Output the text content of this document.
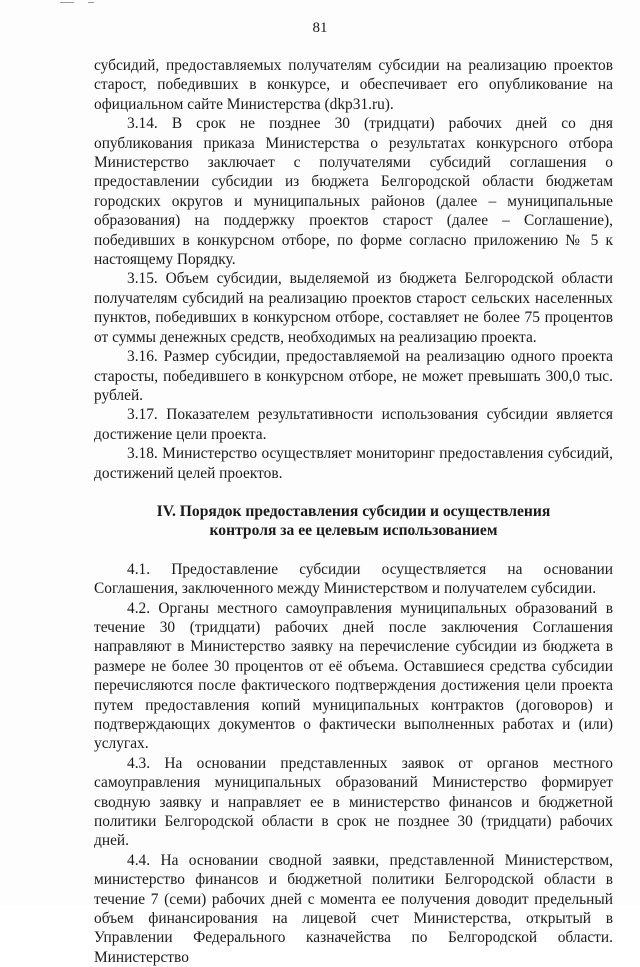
81

субсидий, предоставляемых получателям субсидии на реализацию проектов старост, победивших в конкурсе, и обеспечивает его опубликование на официальном сайте Министерства (dkp31.ru).

3.14. В срок не позднее 30 (тридцати) рабочих дней со дня опубликования приказа Министерства о результатах конкурсного отбора Министерство заключает с получателями субсидий соглашения о предоставлении субсидии из бюджета Белгородской области бюджетам городских округов и муниципальных районов (далее – муниципальные образования) на поддержку проектов старост (далее – Соглашение), победивших в конкурсном отборе, по форме согласно приложению № 5 к настоящему Порядку.

3.15. Объем субсидии, выделяемой из бюджета Белгородской области получателям субсидий на реализацию проектов старост сельских населенных пунктов, победивших в конкурсном отборе, составляет не более 75 процентов от суммы денежных средств, необходимых на реализацию проекта.

3.16. Размер субсидии, предоставляемой на реализацию одного проекта старосты, победившего в конкурсном отборе, не может превышать 300,0 тыс. рублей.

3.17. Показателем результативности использования субсидии является достижение цели проекта.

3.18. Министерство осуществляет мониторинг предоставления субсидий, достижений целей проектов.

IV. Порядок предоставления субсидии и осуществления
контроля за ее целевым использованием

4.1. Предоставление субсидии осуществляется на основании Соглашения, заключенного между Министерством и получателем субсидии.

4.2. Органы местного самоуправления муниципальных образований в течение 30 (тридцати) рабочих дней после заключения Соглашения направляют в Министерство заявку на перечисление субсидии из бюджета в размере не более 30 процентов от её объема. Оставшиеся средства субсидии перечисляются после фактического подтверждения достижения цели проекта путем предоставления копий муниципальных контрактов (договоров) и подтверждающих документов о фактически выполненных работах и (или) услугах.

4.3. На основании представленных заявок от органов местного самоуправления муниципальных образований Министерство формирует сводную заявку и направляет ее в министерство финансов и бюджетной политики Белгородской области в срок не позднее 30 (тридцати) рабочих дней.

4.4. На основании сводной заявки, представленной Министерством, министерство финансов и бюджетной политики Белгородской области в течение 7 (семи) рабочих дней с момента ее получения доводит предельный объем финансирования на лицевой счет Министерства, открытый в Управлении Федерального казначейства по Белгородской области. Министерство
